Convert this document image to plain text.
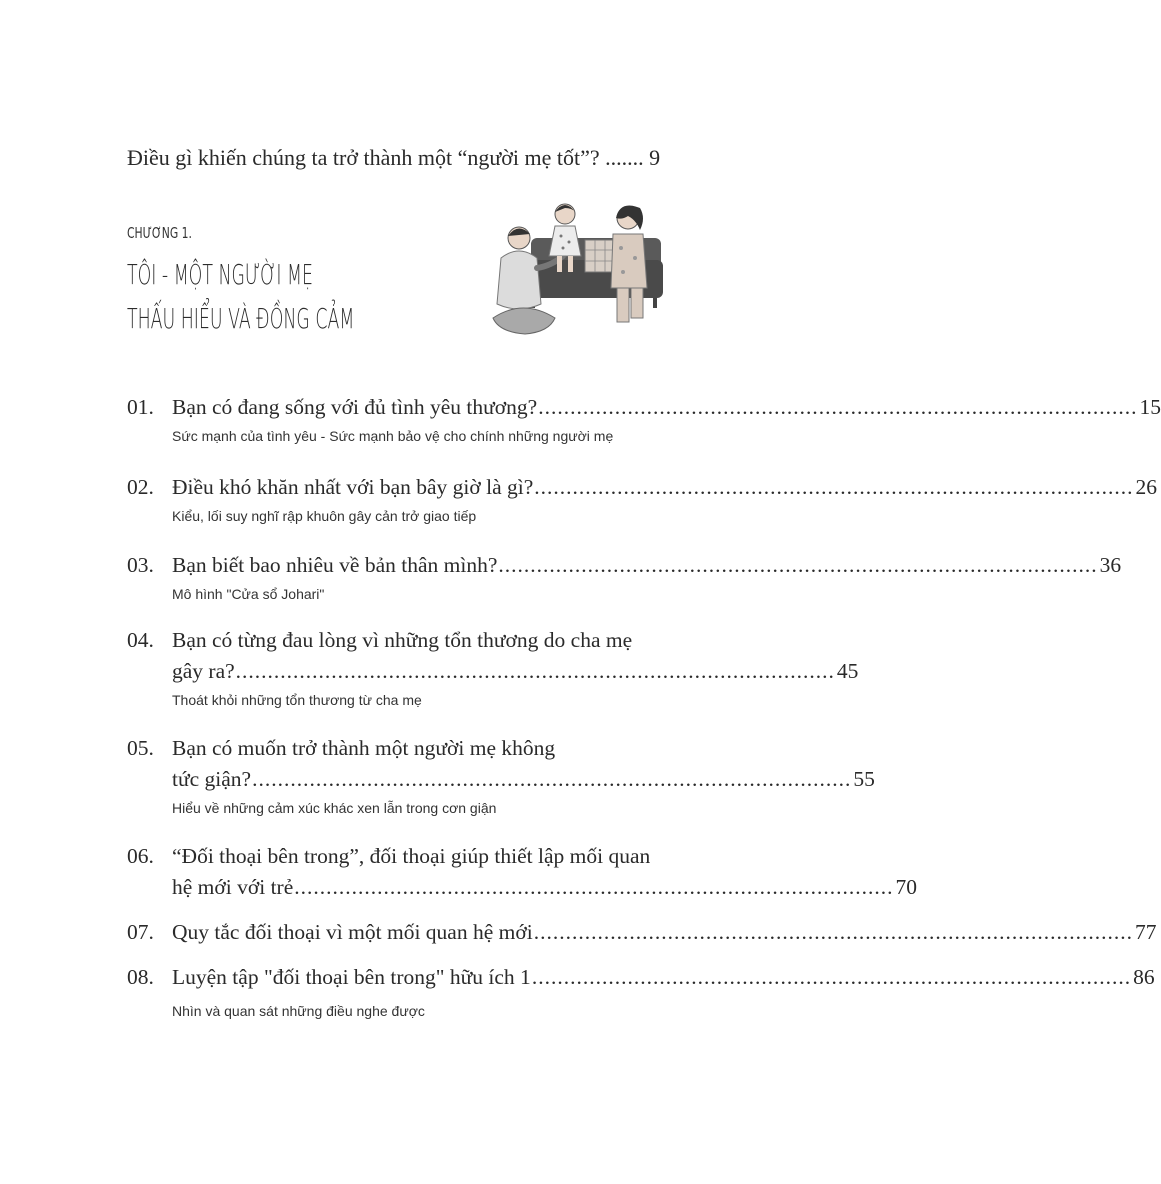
Điều gì khiến chúng ta trở thành một “người mẹ tốt”? ....... 9
CHƯƠNG 1.
TÔI - MỘT NGƯỜI MẸ
THẤU HIỂU VÀ ĐỒNG CẢM
01. Bạn có đang sống với đủ tình yêu thương? .............................................................................................. 15
Sức mạnh của tình yêu - Sức mạnh bảo vệ cho chính những người mẹ
02. Điều khó khăn nhất với bạn bây giờ là gì? .............................................................................................. 26
Kiểu, lối suy nghĩ rập khuôn gây cản trở giao tiếp
03. Bạn biết bao nhiêu về bản thân mình? .............................................................................................. 36
Mô hình "Cửa sổ Johari"
04. Bạn có từng đau lòng vì những tổn thương do cha mẹ
gây ra? .............................................................................................. 45
Thoát khỏi những tổn thương từ cha mẹ
05. Bạn có muốn trở thành một người mẹ không
tức giận? .............................................................................................. 55
Hiểu về những cảm xúc khác xen lẫn trong cơn giận
06. “Đối thoại bên trong”, đối thoại giúp thiết lập mối quan
hệ mới với trẻ .............................................................................................. 70
07. Quy tắc đối thoại vì một mối quan hệ mới .............................................................................................. 77
08. Luyện tập "đối thoại bên trong" hữu ích 1 .............................................................................................. 86
Nhìn và quan sát những điều nghe được
